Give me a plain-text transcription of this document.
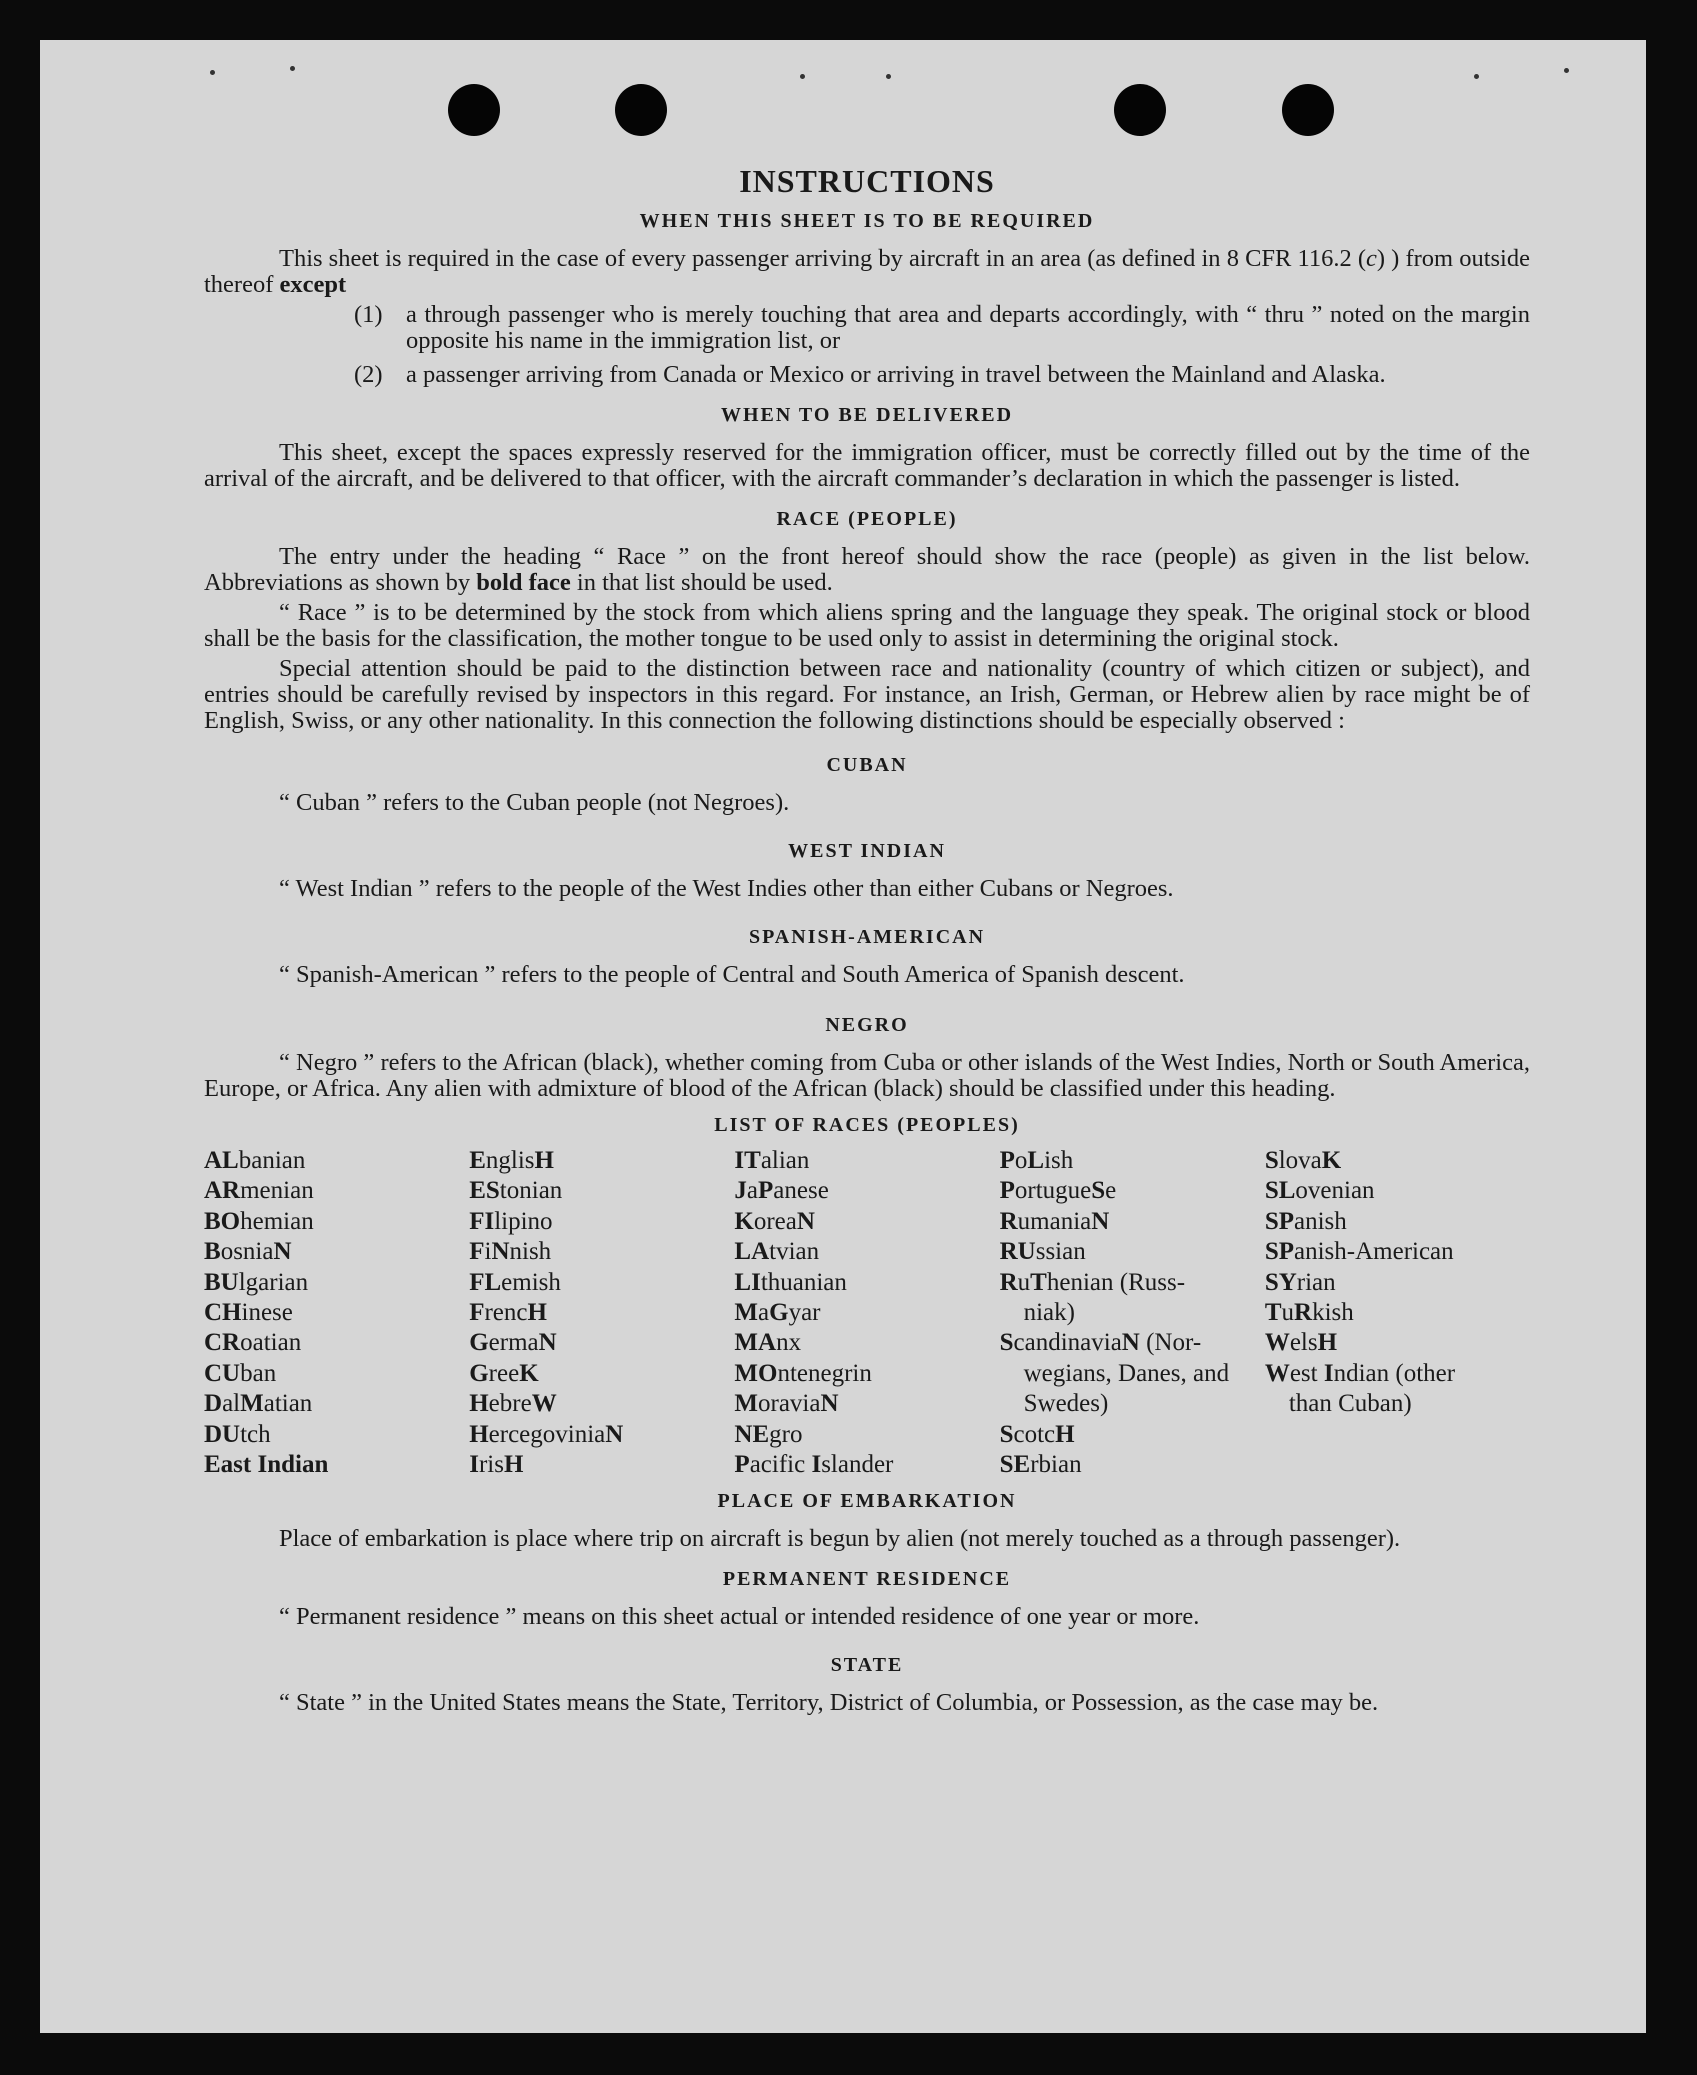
INSTRUCTIONS
WHEN THIS SHEET IS TO BE REQUIRED

This sheet is required in the case of every passenger arriving by aircraft in an area (as defined in 8 CFR 116.2 (c) ) from outside thereof except

(1) a through passenger who is merely touching that area and departs accordingly, with “ thru ” noted on the margin opposite his name in the immigration list, or
(2) a passenger arriving from Canada or Mexico or arriving in travel between the Mainland and Alaska.
WHEN TO BE DELIVERED

This sheet, except the spaces expressly reserved for the immigration officer, must be correctly filled out by the time of the arrival of the aircraft, and be delivered to that officer, with the aircraft commander’s declaration in which the passenger is listed.

RACE (PEOPLE)

The entry under the heading “ Race ” on the front hereof should show the race (people) as given in the list below. Abbreviations as shown by bold face in that list should be used.

“ Race ” is to be determined by the stock from which aliens spring and the language they speak. The original stock or blood shall be the basis for the classification, the mother tongue to be used only to assist in determining the original stock.

Special attention should be paid to the distinction between race and nationality (country of which citizen or subject), and entries should be carefully revised by inspectors in this regard. For instance, an Irish, German, or Hebrew alien by race might be of English, Swiss, or any other nationality. In this connection the following distinctions should be especially observed :

CUBAN

“ Cuban ” refers to the Cuban people (not Negroes).

WEST INDIAN

“ West Indian ” refers to the people of the West Indies other than either Cubans or Negroes.

SPANISH-AMERICAN

“ Spanish-American ” refers to the people of Central and South America of Spanish descent.

NEGRO

“ Negro ” refers to the African (black), whether coming from Cuba or other islands of the West Indies, North or South America, Europe, or Africa. Any alien with admixture of blood of the African (black) should be classified under this heading.

LIST OF RACES (PEOPLES)
ALbanian
ARmenian
BOhemian
BosniaN
BUlgarian
CHinese
CRoatian
CUban
DalMatian
DUtch
East Indian
EnglisH
EStonian
FIlipino
FiNnish
FLemish
FrencH
GermaN
GreeK
HebreW
HercegoviniaN
IrisH
ITalian
JaPanese
KoreaN
LAtvian
LIthuanian
MaGyar
MAnx
MOntenegrin
MoraviaN
NEgro
Pacific Islander
PoLish
PortugueSe
RumaniaN
RUssian
RuThenian (Russ-
niak)
ScandinaviaN (Nor-
wegians, Danes, and Swedes)
ScotcH
SErbian
SlovaK
SLovenian
SPanish
SPanish-American
SYrian
TuRkish
WelsH
West Indian (other
than Cuban)
PLACE OF EMBARKATION

Place of embarkation is place where trip on aircraft is begun by alien (not merely touched as a through passenger).

PERMANENT RESIDENCE

“ Permanent residence ” means on this sheet actual or intended residence of one year or more.

STATE

“ State ” in the United States means the State, Territory, District of Columbia, or Possession, as the case may be.
